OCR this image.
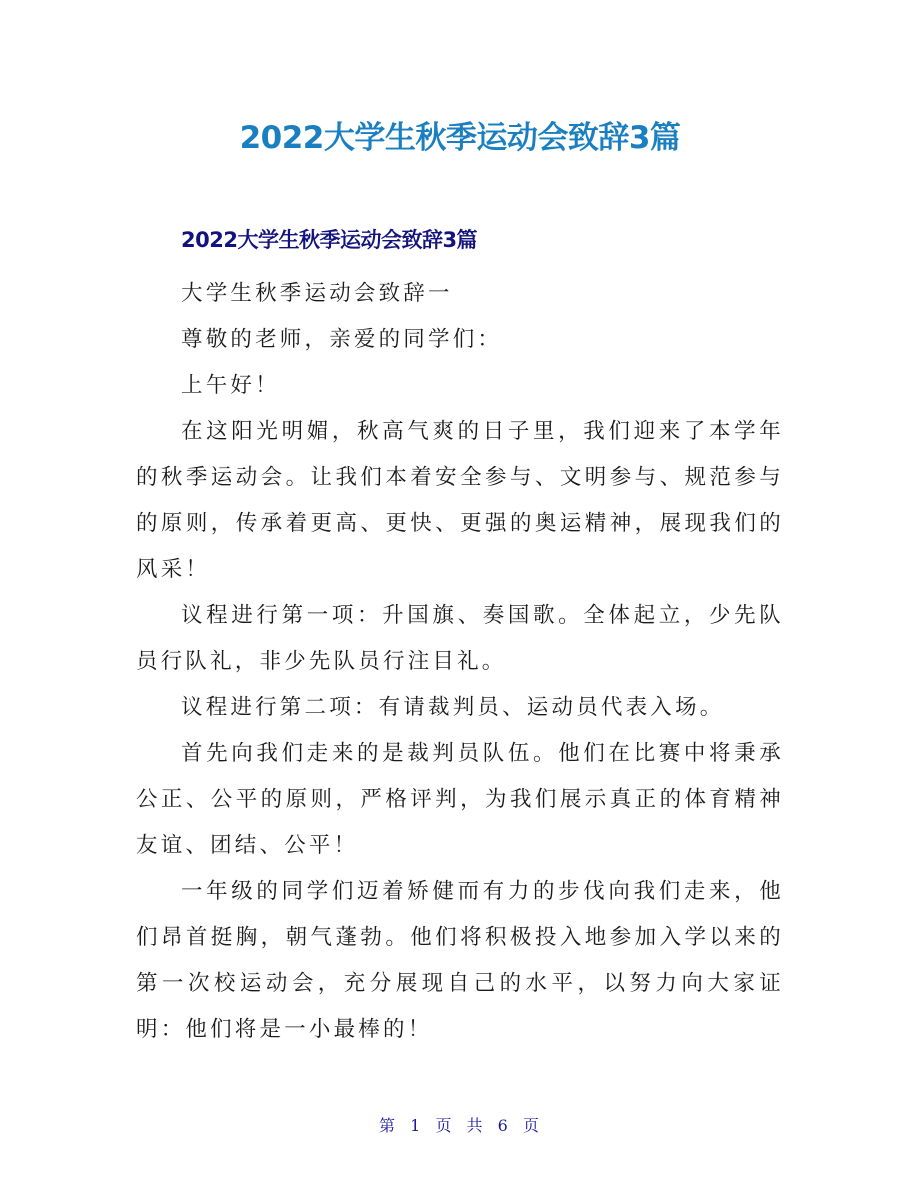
2022大学生秋季运动会致辞3篇
2022大学生秋季运动会致辞3篇

大学生秋季运动会致辞一

尊敬的老师，亲爱的同学们：

上午好！

在这阳光明媚，秋高气爽的日子里，我们迎来了本学年的秋季运动会。让我们本着安全参与、文明参与、规范参与的原则，传承着更高、更快、更强的奥运精神，展现我们的风采！

议程进行第一项：升国旗、奏国歌。全体起立，少先队员行队礼，非少先队员行注目礼。

议程进行第二项：有请裁判员、运动员代表入场。

首先向我们走来的是裁判员队伍。他们在比赛中将秉承公正、公平的原则，严格评判，为我们展示真正的体育精神友谊、团结、公平！

一年级的同学们迈着矫健而有力的步伐向我们走来，他们昂首挺胸，朝气蓬勃。他们将积极投入地参加入学以来的第一次校运动会，充分展现自己的水平，以努力向大家证明：他们将是一小最棒的！

第 1 页 共 6 页
